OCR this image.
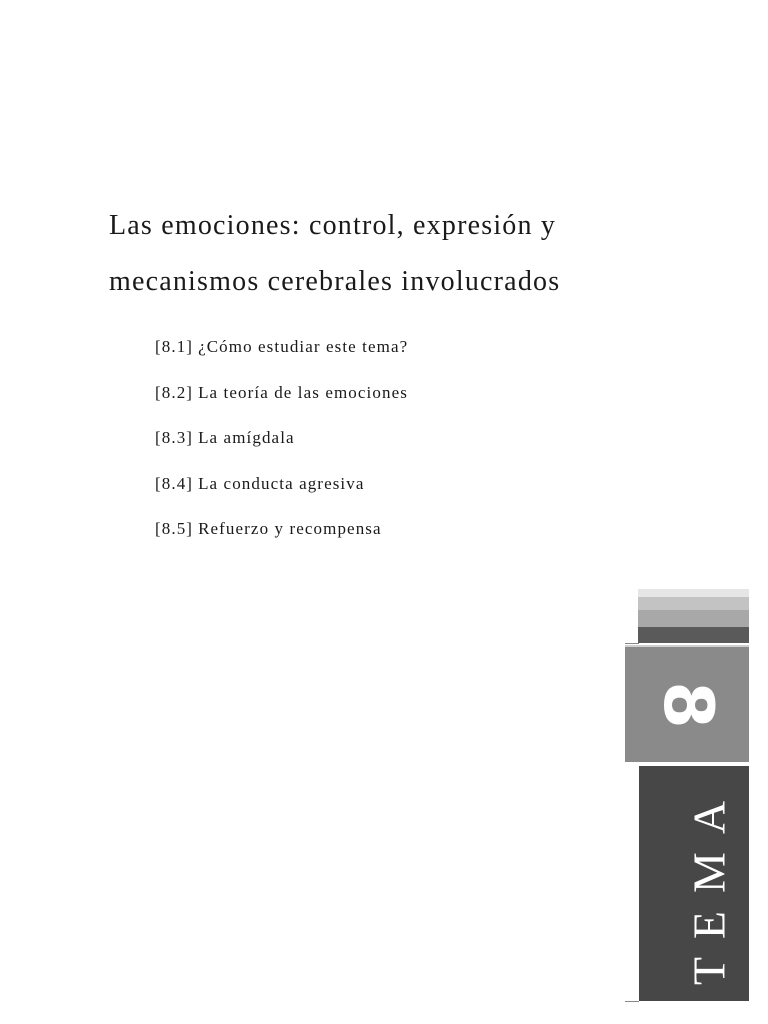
Las emociones: control, expresión y
mecanismos cerebrales involucrados
[8.1] ¿Cómo estudiar este tema?
[8.2] La teoría de las emociones
[8.3] La amígdala
[8.4] La conducta agresiva
[8.5] Refuerzo y recompensa
8
TEMA
